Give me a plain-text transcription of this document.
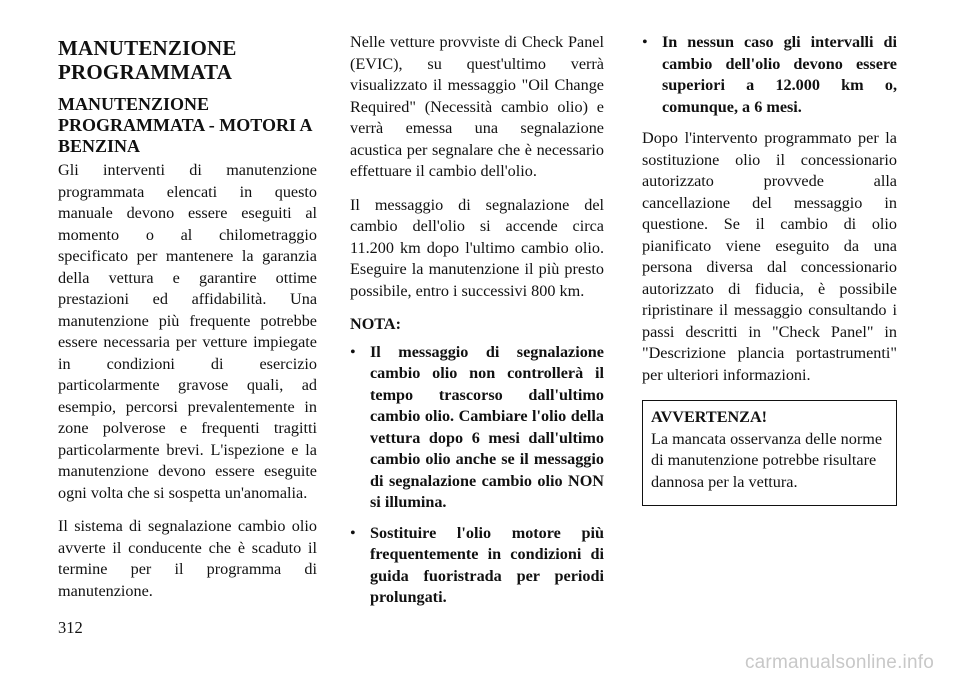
MANUTENZIONE PROGRAMMATA
MANUTENZIONE PROGRAMMATA - MOTORI A BENZINA

Gli interventi di manutenzione programmata elencati in questo manuale devono essere eseguiti al momento o al chilometraggio specificato per mantenere la garanzia della vettura e garantire ottime prestazioni ed affidabilità. Una manutenzione più frequente potrebbe essere necessaria per vetture impiegate in condizioni di esercizio particolarmente gravose quali, ad esempio, percorsi prevalentemente in zone polverose e frequenti tragitti particolarmente brevi. L'ispezione e la manutenzione devono essere eseguite ogni volta che si sospetta un'anomalia.

Il sistema di segnalazione cambio olio avverte il conducente che è scaduto il termine per il programma di manutenzione.

Nelle vetture provviste di Check Panel (EVIC), su quest'ultimo verrà visualizzato il messaggio "Oil Change Required" (Necessità cambio olio) e verrà emessa una segnalazione acustica per segnalare che è necessario effettuare il cambio dell'olio.

Il messaggio di segnalazione del cambio dell'olio si accende circa 11.200 km dopo l'ultimo cambio olio. Eseguire la manutenzione il più presto possibile, entro i successivi 800 km.

NOTA:

• Il messaggio di segnalazione cambio olio non controllerà il tempo trascorso dall'ultimo cambio olio. Cambiare l'olio della vettura dopo 6 mesi dall'ultimo cambio olio anche se il messaggio di segnalazione cambio olio NON si illumina.
• Sostituire l'olio motore più frequentemente in condizioni di guida fuoristrada per periodi prolungati.
• In nessun caso gli intervalli di cambio dell'olio devono essere superiori a 12.000 km o, comunque, a 6 mesi.

Dopo l'intervento programmato per la sostituzione olio il concessionario autorizzato provvede alla cancellazione del messaggio in questione. Se il cambio di olio pianificato viene eseguito da una persona diversa dal concessionario autorizzato di fiducia, è possibile ripristinare il messaggio consultando i passi descritti in "Check Panel" in "Descrizione plancia portastrumenti" per ulteriori informazioni.

AVVERTENZA!
La mancata osservanza delle norme di manutenzione potrebbe risultare dannosa per la vettura.
312
carmanualsonline.info
